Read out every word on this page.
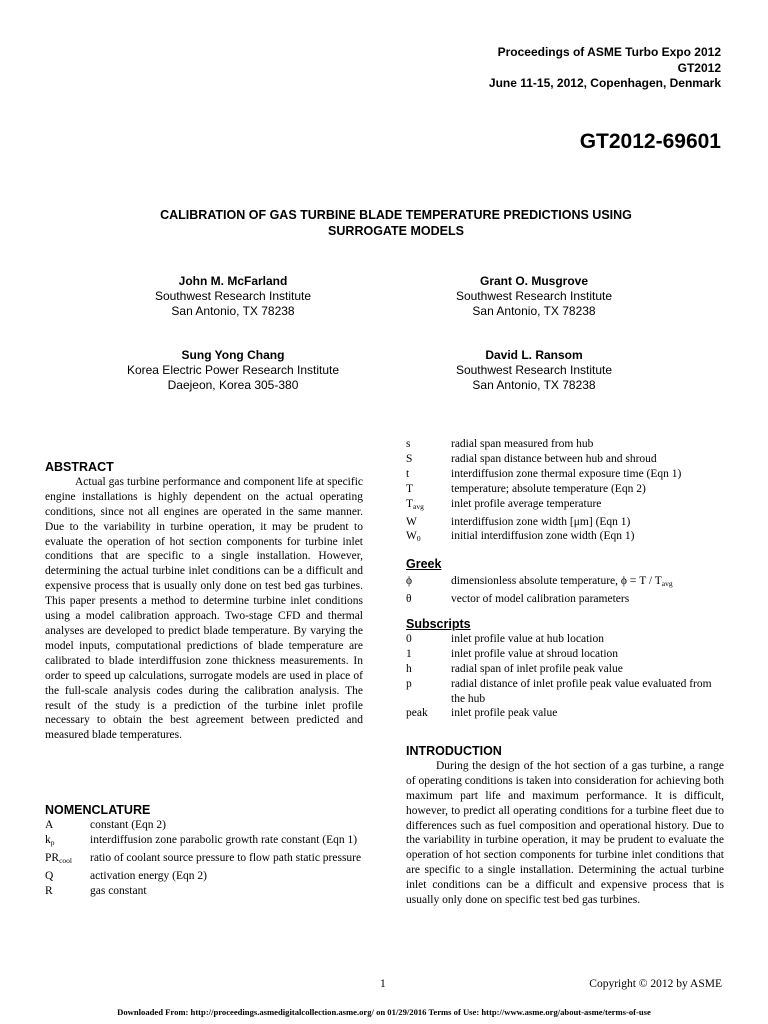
Proceedings of ASME Turbo Expo 2012
GT2012
June 11-15, 2012, Copenhagen, Denmark
GT2012-69601
CALIBRATION OF GAS TURBINE BLADE TEMPERATURE PREDICTIONS USING
SURROGATE MODELS
John M. McFarland
Southwest Research Institute
San Antonio, TX 78238
Grant O. Musgrove
Southwest Research Institute
San Antonio, TX 78238
Sung Yong Chang
Korea Electric Power Research Institute
Daejeon, Korea 305-380
David L. Ransom
Southwest Research Institute
San Antonio, TX 78238
ABSTRACT

Actual gas turbine performance and component life at specific engine installations is highly dependent on the actual operating conditions, since not all engines are operated in the same manner. Due to the variability in turbine operation, it may be prudent to evaluate the operation of hot section components for turbine inlet conditions that are specific to a single installation. However, determining the actual turbine inlet conditions can be a difficult and expensive process that is usually only done on test bed gas turbines. This paper presents a method to determine turbine inlet conditions using a model calibration approach. Two-stage CFD and thermal analyses are developed to predict blade temperature. By varying the model inputs, computational predictions of blade temperature are calibrated to blade interdiffusion zone thickness measurements. In order to speed up calculations, surrogate models are used in place of the full-scale analysis codes during the calibration analysis. The result of the study is a prediction of the turbine inlet profile necessary to obtain the best agreement between predicted and measured blade temperatures.

NOMENCLATURE
A	constant (Eqn 2)
$k_p$	interdiffusion zone parabolic growth rate constant (Eqn 1)
$PR_{cool}$	ratio of coolant source pressure to flow path static pressure
Q	activation energy (Eqn 2)
R	gas constant
s	radial span measured from hub
S	radial span distance between hub and shroud
t	interdiffusion zone thermal exposure time (Eqn 1)
T	temperature; absolute temperature (Eqn 2)
$T_{avg}$	inlet profile average temperature
W	interdiffusion zone width [μm] (Eqn 1)
$W_0$	initial interdiffusion zone width (Eqn 1)
Greek
ϕ	dimensionless absolute temperature, $\phi = T / T_{avg}$
θ	vector of model calibration parameters
Subscripts
0	inlet profile value at hub location
1	inlet profile value at shroud location
h	radial span of inlet profile peak value
p	radial distance of inlet profile peak value evaluated from the hub
peak	inlet profile peak value
INTRODUCTION

During the design of the hot section of a gas turbine, a range of operating conditions is taken into consideration for achieving both maximum part life and maximum performance. It is difficult, however, to predict all operating conditions for a turbine fleet due to differences such as fuel composition and operational history. Due to the variability in turbine operation, it may be prudent to evaluate the operation of hot section components for turbine inlet conditions that are specific to a single installation. Determining the actual turbine inlet conditions can be a difficult and expensive process that is usually only done on specific test bed gas turbines.

1	Copyright © 2012 by ASME
Downloaded From: http://proceedings.asmedigitalcollection.asme.org/ on 01/29/2016 Terms of Use: http://www.asme.org/about-asme/terms-of-use
